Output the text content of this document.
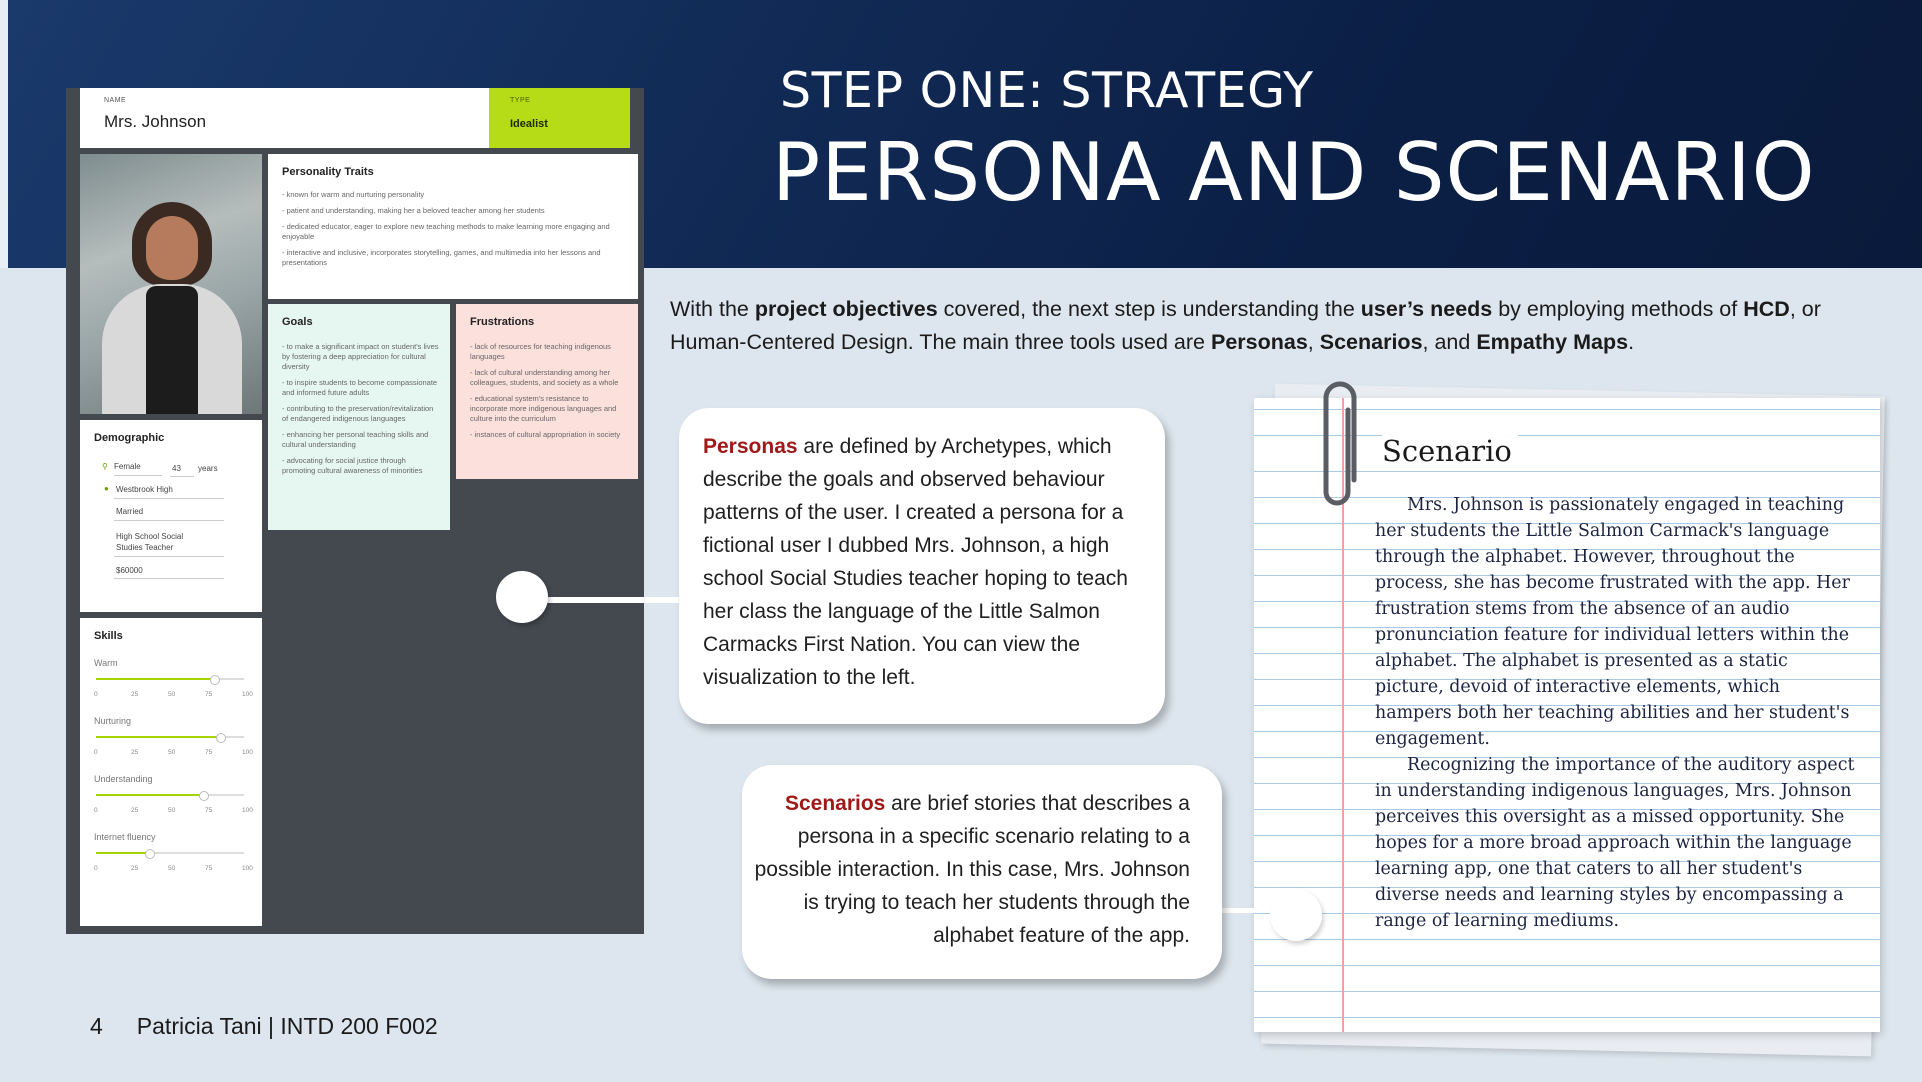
STEP ONE: STRATEGY
PERSONA AND SCENARIO
With the project objectives covered, the next step is understanding the user’s needs by employing methods of HCD, or Human-Centered Design. The main three tools used are Personas, Scenarios, and Empathy Maps.
NAME
Mrs. Johnson
TYPE
Idealist
Personality Traits
- known for warm and nurturing personality
- patient and understanding, making her a beloved teacher among her students
- dedicated educator, eager to explore new teaching methods to make learning more engaging and enjoyable
- interactive and inclusive, incorporates storytelling, games, and multimedia into her lessons and presentations
Goals
- to make a significant impact on student's lives by fostering a deep appreciation for cultural diversity
- to inspire students to become compassionate and informed future adults
- contributing to the preservation/revitalization of endangered indigenous languages
- enhancing her personal teaching skills and cultural understanding
- advocating for social justice through promoting cultural awareness of minorities
Frustrations
- lack of resources for teaching indigenous languages
- lack of cultural understanding among her colleagues, students, and society as a whole
- educational system's resistance to incorporate more indigenous languages and culture into the curriculum
- instances of cultural appropriation in society
Demographic
⚲ Female	43 years
● Westbrook High
Married
High School Social Studies Teacher
$60000
Skills
Warm
0	25	50	75	100
Nurturing
0	25	50	75	100
Understanding
0	25	50	75	100
Internet fluency
0	25	50	75	100

Personas are defined by Archetypes, which describe the goals and observed behaviour patterns of the user. I created a persona for a fictional user I dubbed Mrs. Johnson, a high school Social Studies teacher hoping to teach her class the language of the Little Salmon Carmacks First Nation. You can view the visualization to the left.

Scenario

Mrs. Johnson is passionately engaged in teaching her students the Little Salmon Carmack's language through the alphabet. However, throughout the process, she has become frustrated with the app. Her frustration stems from the absence of an audio pronunciation feature for individual letters within the alphabet. The alphabet is presented as a static picture, devoid of interactive elements, which hampers both her teaching abilities and her student's engagement.

Recognizing the importance of the auditory aspect in understanding indigenous languages, Mrs. Johnson perceives this oversight as a missed opportunity. She hopes for a more broad approach within the language learning app, one that caters to all her student's diverse needs and learning styles by encompassing a range of learning mediums.

Scenarios are brief stories that describes a persona in a specific scenario relating to a possible interaction. In this case, Mrs. Johnson is trying to teach her students through the alphabet feature of the app.

4 Patricia Tani | INTD 200 F002
